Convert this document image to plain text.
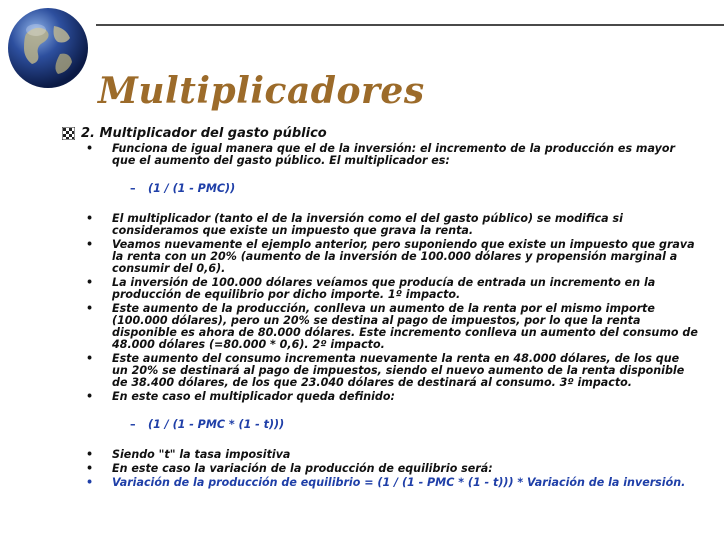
Multiplicadores
2. Multiplicador del gasto público
• Funciona de igual manera que el de la inversión: el incremento de la producción es mayor que el aumento del gasto público. El multiplicador es:
– (1 / (1 - PMC))
• El multiplicador (tanto el de la inversión como el del gasto público) se modifica si consideramos que existe un impuesto que grava la renta.
• Veamos nuevamente el ejemplo anterior, pero suponiendo que existe un impuesto que grava la renta con un 20% (aumento de la inversión de 100.000 dólares y propensión marginal a consumir del 0,6).
• La inversión de 100.000 dólares veíamos que producía de entrada un incremento en la producción de equilibrio por dicho importe. 1º impacto.
• Este aumento de la producción, conlleva un aumento de la renta por el mismo importe (100.000 dólares), pero un 20% se destina al pago de impuestos, por lo que la renta disponible es ahora de 80.000 dólares. Este incremento conlleva un aumento del consumo de 48.000 dólares (=80.000 * 0,6). 2º impacto.
• Este aumento del consumo incrementa nuevamente la renta en 48.000 dólares, de los que un 20% se destinará al pago de impuestos, siendo el nuevo aumento de la renta disponible de 38.400 dólares, de los que 23.040 dólares de destinará al consumo. 3º impacto.
• En este caso el multiplicador queda definido:
– (1 / (1 - PMC * (1 - t)))
• Siendo "t" la tasa impositiva
• En este caso la variación de la producción de equilibrio será:
• Variación de la producción de equilibrio = (1 / (1 - PMC * (1 - t))) * Variación de la inversión.
